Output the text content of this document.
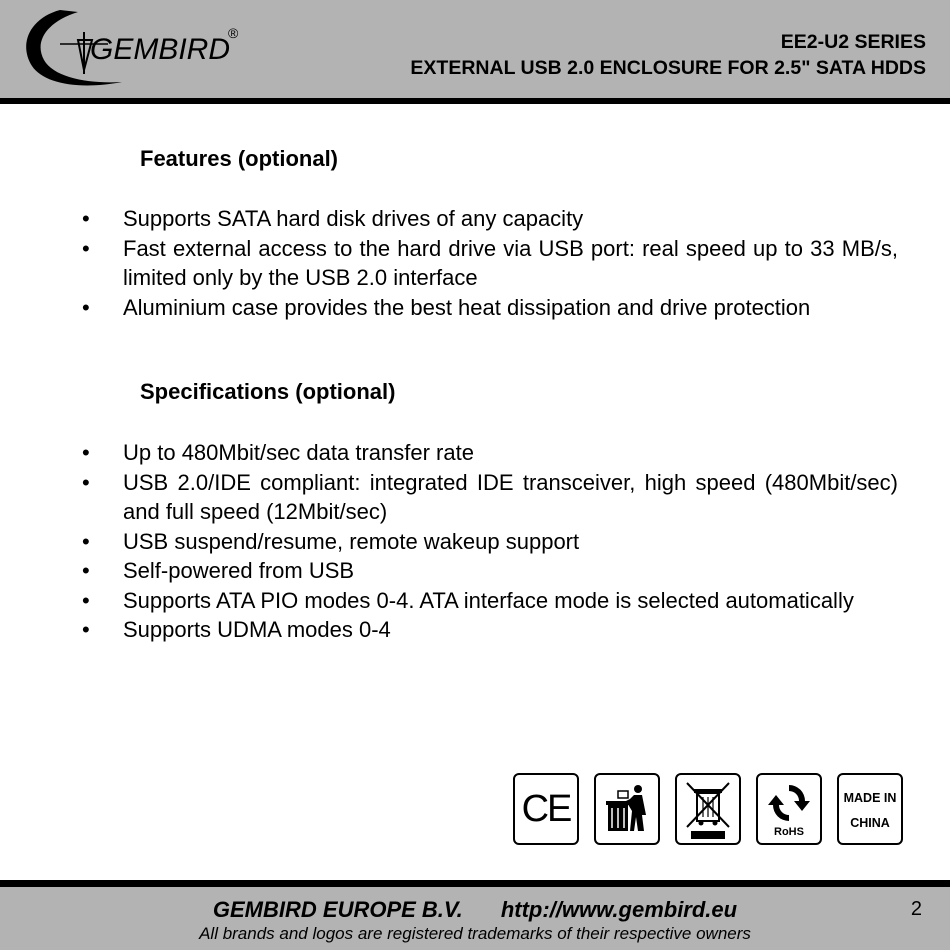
GEMBIRD
®	EE2-U2 SERIES
EXTERNAL USB 2.0 ENCLOSURE FOR 2.5" SATA HDDS
Features (optional)
• Supports SATA hard disk drives of any capacity
• Fast external access to the hard drive via USB port: real speed up to 33 MB/s, limited only by the USB 2.0 interface
• Aluminium case provides the best heat dissipation and drive protection
Specifications (optional)
• Up to 480Mbit/sec data transfer rate
• USB 2.0/IDE compliant: integrated IDE transceiver, high speed (480Mbit/sec) and full speed (12Mbit/sec)
• USB suspend/resume, remote wakeup support
• Self-powered from USB
• Supports ATA PIO modes 0-4. ATA interface mode is selected automatically
• Supports UDMA modes 0-4
CE
RoHS
MADE IN
CHINA
GEMBIRD EUROPE B.V. http://www.gembird.eu
All brands and logos are registered trademarks of their respective owners
2
